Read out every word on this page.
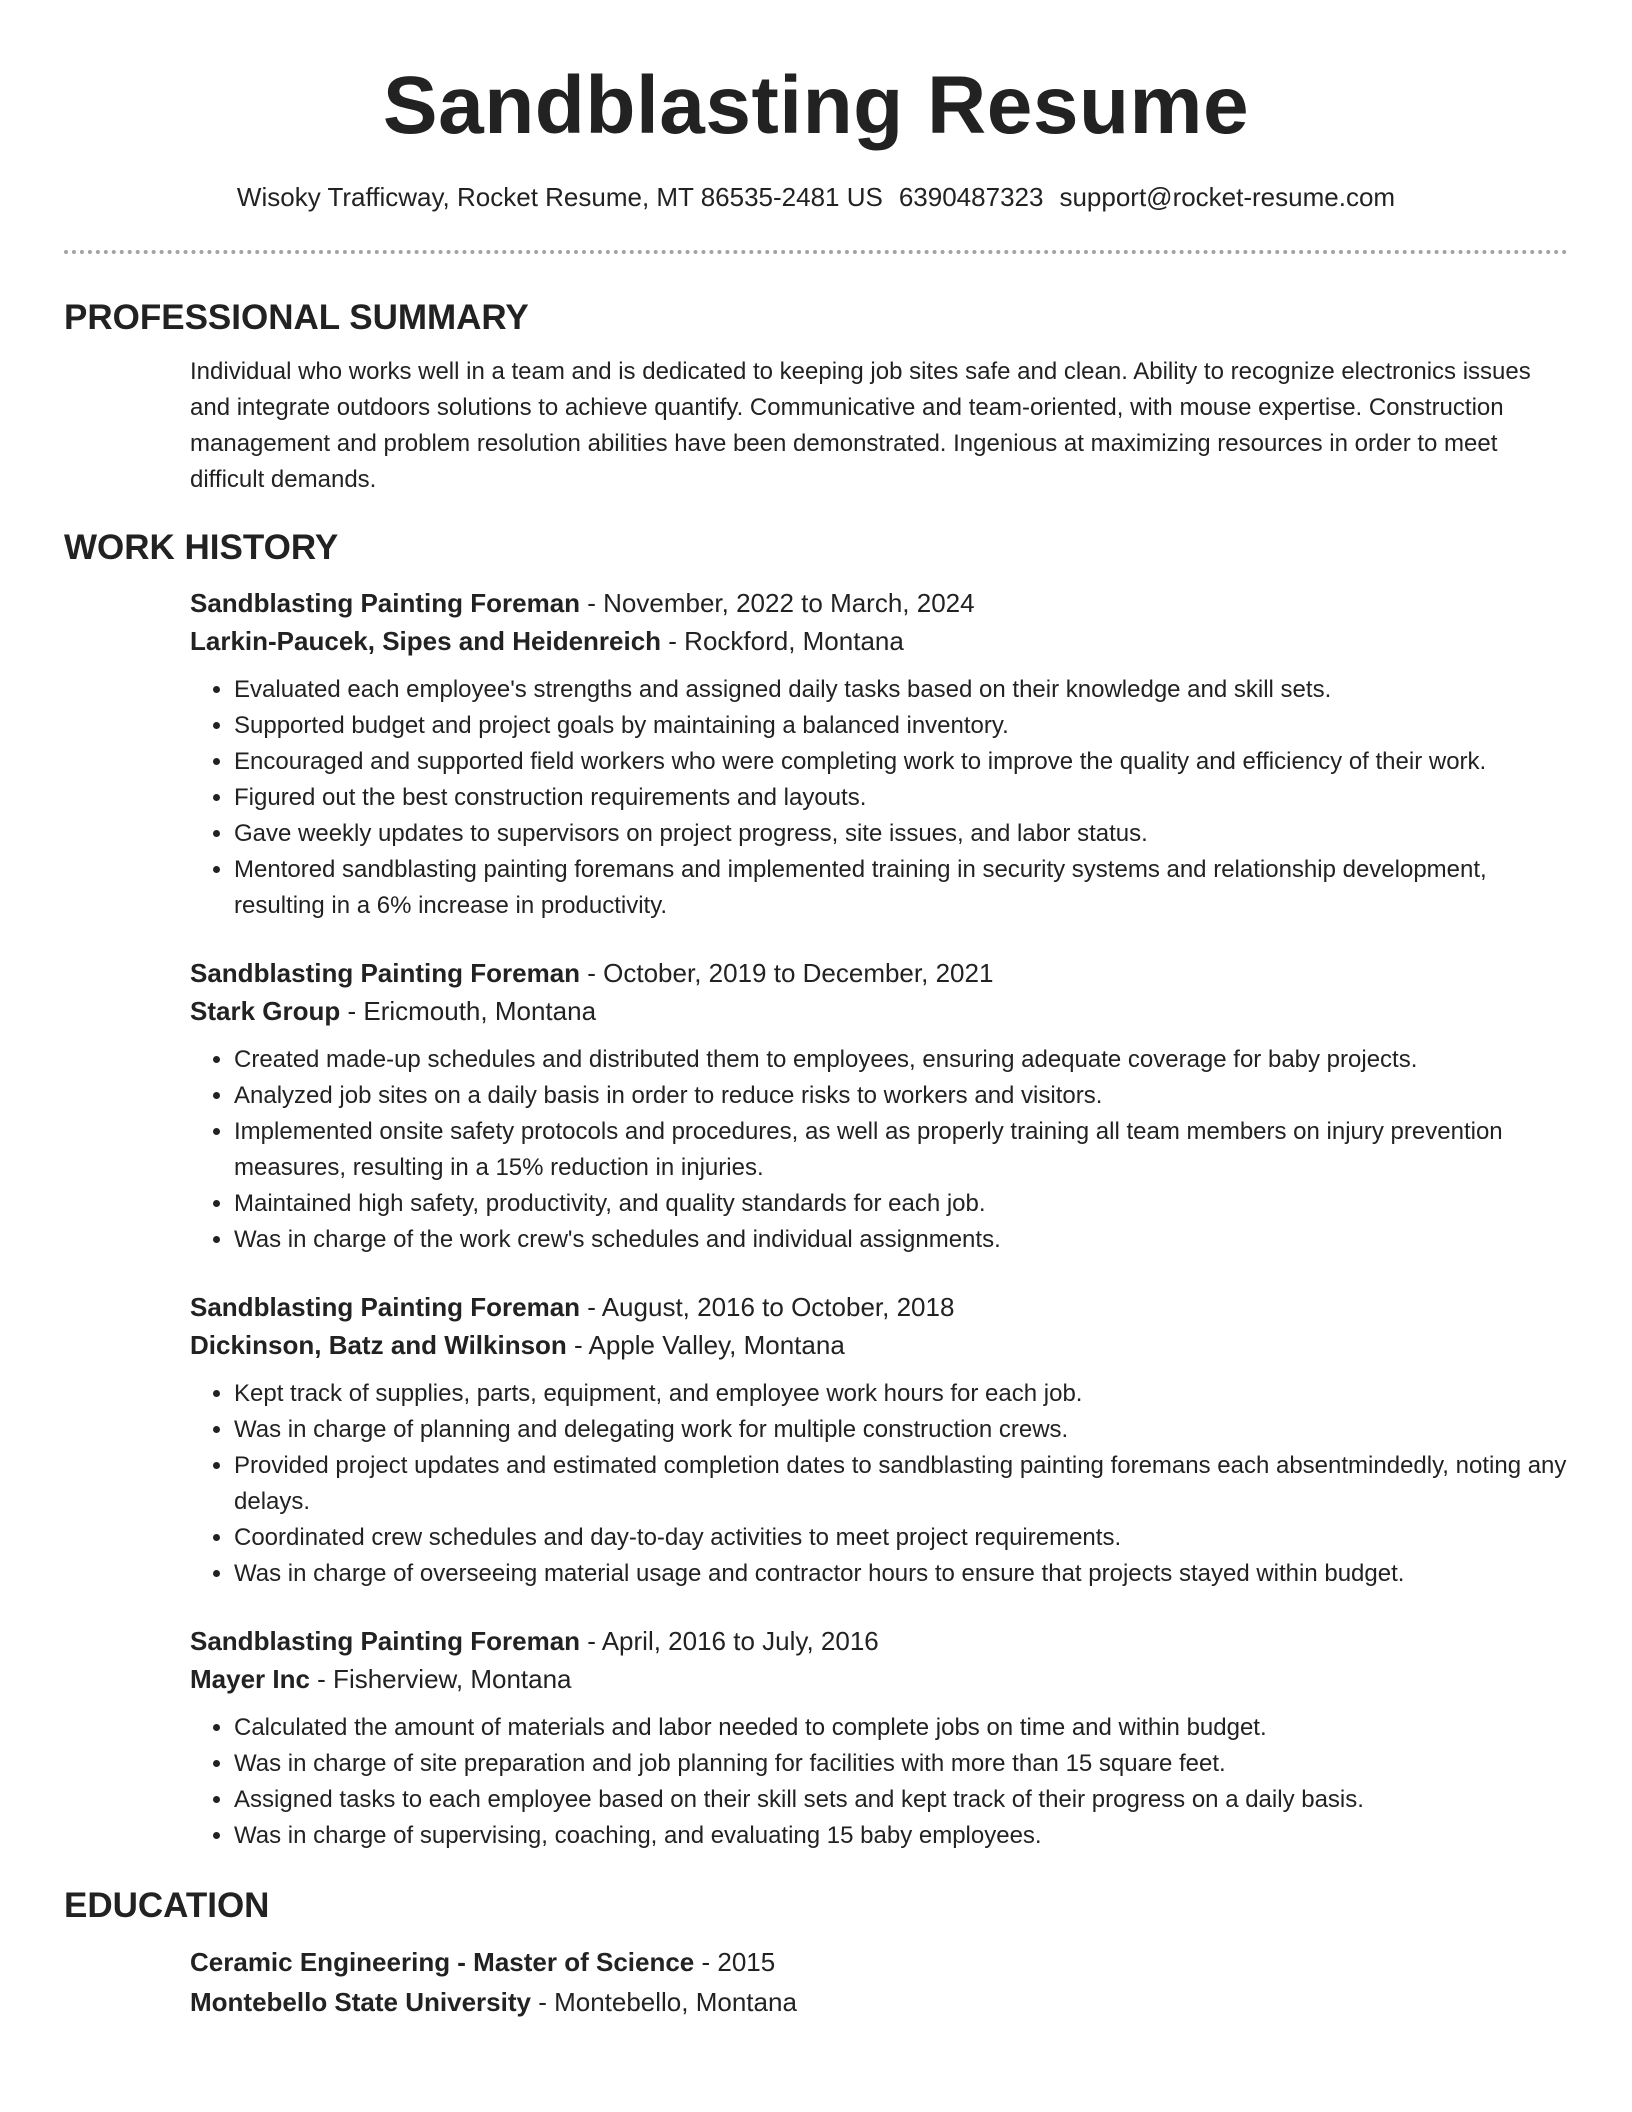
Sandblasting Resume
Wisoky Trafficway, Rocket Resume, MT 86535-2481 US 6390487323 support@rocket-resume.com
PROFESSIONAL SUMMARY

Individual who works well in a team and is dedicated to keeping job sites safe and clean. Ability to recognize electronics issues and integrate outdoors solutions to achieve quantify. Communicative and team-oriented, with mouse expertise. Construction management and problem resolution abilities have been demonstrated. Ingenious at maximizing resources in order to meet difficult demands.

WORK HISTORY
Sandblasting Painting Foreman - November, 2022 to March, 2024
Larkin-Paucek, Sipes and Heidenreich - Rockford, Montana
• Evaluated each employee's strengths and assigned daily tasks based on their knowledge and skill sets.
• Supported budget and project goals by maintaining a balanced inventory.
• Encouraged and supported field workers who were completing work to improve the quality and efficiency of their work.
• Figured out the best construction requirements and layouts.
• Gave weekly updates to supervisors on project progress, site issues, and labor status.
• Mentored sandblasting painting foremans and implemented training in security systems and relationship development, resulting in a 6% increase in productivity.
Sandblasting Painting Foreman - October, 2019 to December, 2021
Stark Group - Ericmouth, Montana
• Created made-up schedules and distributed them to employees, ensuring adequate coverage for baby projects.
• Analyzed job sites on a daily basis in order to reduce risks to workers and visitors.
• Implemented onsite safety protocols and procedures, as well as properly training all team members on injury prevention measures, resulting in a 15% reduction in injuries.
• Maintained high safety, productivity, and quality standards for each job.
• Was in charge of the work crew's schedules and individual assignments.
Sandblasting Painting Foreman - August, 2016 to October, 2018
Dickinson, Batz and Wilkinson - Apple Valley, Montana
• Kept track of supplies, parts, equipment, and employee work hours for each job.
• Was in charge of planning and delegating work for multiple construction crews.
• Provided project updates and estimated completion dates to sandblasting painting foremans each absentmindedly, noting any delays.
• Coordinated crew schedules and day-to-day activities to meet project requirements.
• Was in charge of overseeing material usage and contractor hours to ensure that projects stayed within budget.
Sandblasting Painting Foreman - April, 2016 to July, 2016
Mayer Inc - Fisherview, Montana
• Calculated the amount of materials and labor needed to complete jobs on time and within budget.
• Was in charge of site preparation and job planning for facilities with more than 15 square feet.
• Assigned tasks to each employee based on their skill sets and kept track of their progress on a daily basis.
• Was in charge of supervising, coaching, and evaluating 15 baby employees.
EDUCATION
Ceramic Engineering - Master of Science - 2015
Montebello State University - Montebello, Montana
